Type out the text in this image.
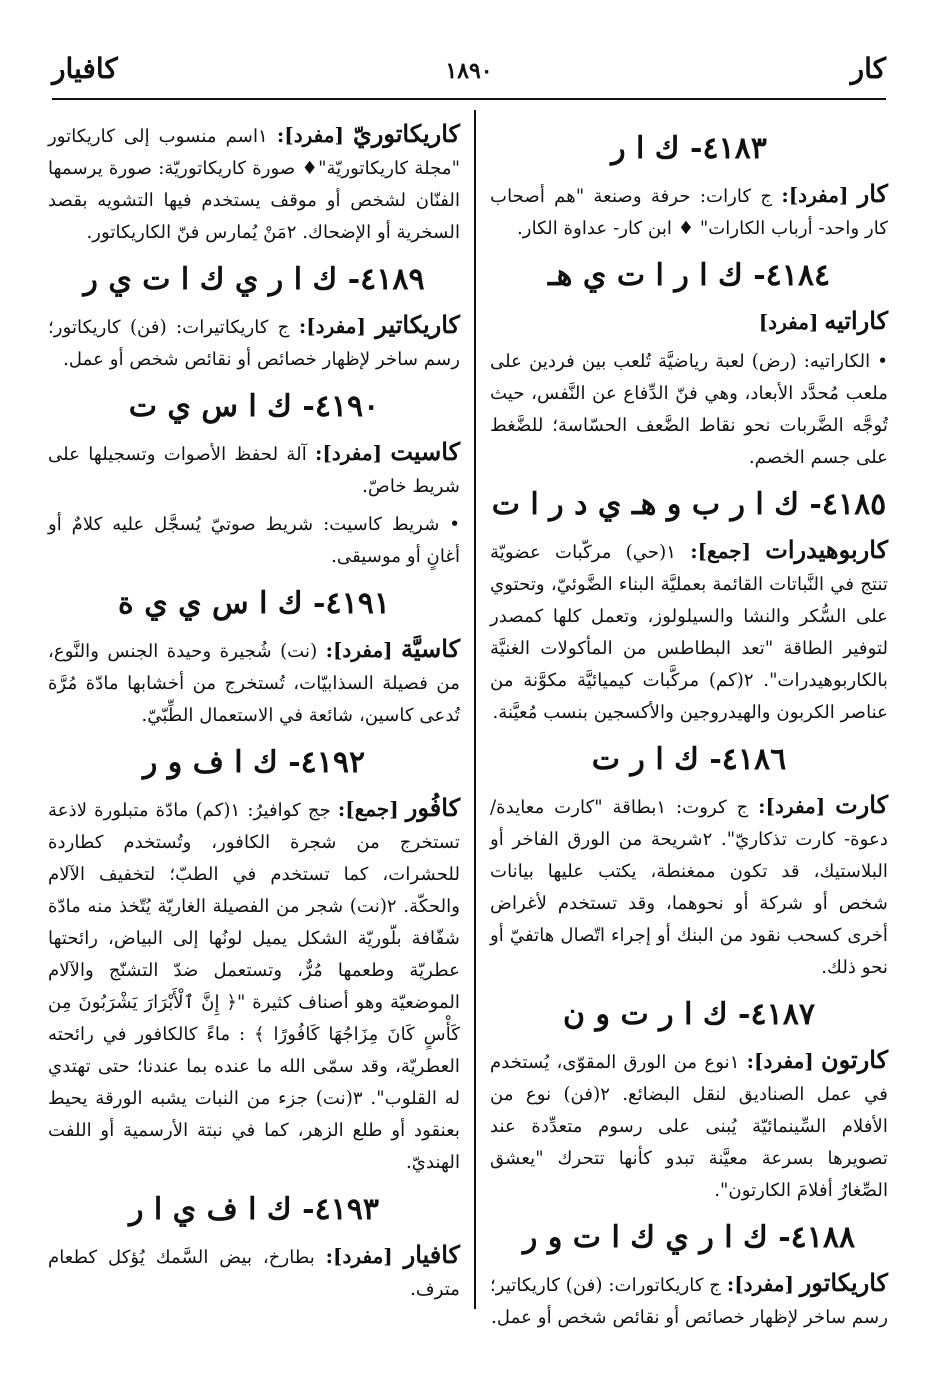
كار
١٨٩٠
كافيار
٤١٨٣- ك ا ر

كار [مفرد]: ج كارات: حرفة وصنعة "هم أصحاب كار واحد- أرباب الكارات" ♦ ابن كار- عداوة الكار.

٤١٨٤- ك ا ر ا ت ي هـ

كاراتيه [مفرد]

• الكاراتيه: (رض) لعبة رياضيَّة تُلعب بين فردين على ملعب مُحدَّد الأبعاد، وهي فنّ الدِّفاع عن النَّفس، حيث تُوجَّه الضَّربات نحو نقاط الضَّعف الحسّاسة؛ للضَّغط على جسم الخصم.

٤١٨٥- ك ا ر ب و هـ ي د ر ا ت

كاربوهيدرات [جمع]: ١(حي) مركّبات عضويّة تنتج في النَّباتات القائمة بعمليَّة البناء الضَّوئيّ، وتحتوي على السُّكر والنشا والسيلولوز، وتعمل كلها كمصدر لتوفير الطاقة "تعد البطاطس من المأكولات الغنيَّة بالكاربوهيدرات". ٢(كم) مركَّبات كيميائيَّة مكوَّنة من عناصر الكربون والهيدروجين والأكسجين بنسب مُعيَّنة.

٤١٨٦- ك ا ر ت

كارت [مفرد]: ج كروت: ١بطاقة "كارت معايدة/ دعوة- كارت تذكاريّ". ٢شريحة من الورق الفاخر أو البلاستيك، قد تكون ممغنطة، يكتب عليها بيانات شخص أو شركة أو نحوهما، وقد تستخدم لأغراض أخرى كسحب نقود من البنك أو إجراء اتّصال هاتفيّ أو نحو ذلك.

٤١٨٧- ك ا ر ت و ن

كارتون [مفرد]: ١نوع من الورق المقوّى، يُستخدم في عمل الصناديق لنقل البضائع. ٢(فن) نوع من الأفلام السِّينمائيّة يُبنى على رسوم متعدِّدة عند تصويرها بسرعة معيَّنة تبدو كأنها تتحرك "يعشق الصِّغارُ أفلامَ الكارتون".

٤١٨٨- ك ا ر ي ك ا ت و ر

كاريكاتور [مفرد]: ج كاريكاتورات: (فن) كاريكاتير؛ رسم ساخر لإظهار خصائص أو نقائص شخص أو عمل.

كاريكاتوريّ [مفرد]: ١اسم منسوب إلى كاريكاتور "مجلة كاريكاتوريّة"♦ صورة كاريكاتوريّة: صورة يرسمها الفنّان لشخص أو موقف يستخدم فيها التشويه بقصد السخرية أو الإضحاك. ٢مَنْ يُمارس فنّ الكاريكاتور.

٤١٨٩- ك ا ر ي ك ا ت ي ر

كاريكاتير [مفرد]: ج كاريكاتيرات: (فن) كاريكاتور؛ رسم ساخر لإظهار خصائص أو نقائص شخص أو عمل.

٤١٩٠- ك ا س ي ت

كاسيت [مفرد]: آلة لحفظ الأصوات وتسجيلها على شريط خاصّ.

• شريط كاسيت: شريط صوتيّ يُسجَّل عليه كلامٌ أو أغانٍ أو موسيقى.

٤١٩١- ك ا س ي ي ة

كاسيَّة [مفرد]: (نت) شُجيرة وحيدة الجنس والنَّوع، من فصيلة السذابيّات، تُستخرج من أخشابها مادّة مُرَّة تُدعى كاسين، شائعة في الاستعمال الطِّبّيّ.

٤١٩٢- ك ا ف و ر

كافُور [جمع]: جج كوافيرُ: ١(كم) مادّة متبلورة لاذعة تستخرج من شجرة الكافور، وتُستخدم كطاردة للحشرات، كما تستخدم في الطبّ؛ لتخفيف الآلام والحكّة. ٢(نت) شجر من الفصيلة الغاريّة يُتّخذ منه مادّة شفّافة بلّوريّة الشكل يميل لونُها إلى البياض، رائحتها عطريّة وطعمها مُرٌّ، وتستعمل ضدّ التشنّج والآلام الموضعيّة وهو أصناف كثيرة "﴿ إِنَّ ٱلْأَبْرَارَ يَشْرَبُونَ مِن كَأْسٍ كَانَ مِزَاجُهَا كَافُورًا ﴾ : ماءً كالكافور في رائحته العطريّة، وقد سمّى الله ما عنده بما عندنا؛ حتى تهتدي له القلوب". ٣(نت) جزء من النبات يشبه الورقة يحيط بعنقود أو طلع الزهر، كما في نبتة الأرسمية أو اللفت الهنديّ.

٤١٩٣- ك ا ف ي ا ر

كافيار [مفرد]: بطارخ، بيض السَّمك يُؤكل كطعام مترف.
